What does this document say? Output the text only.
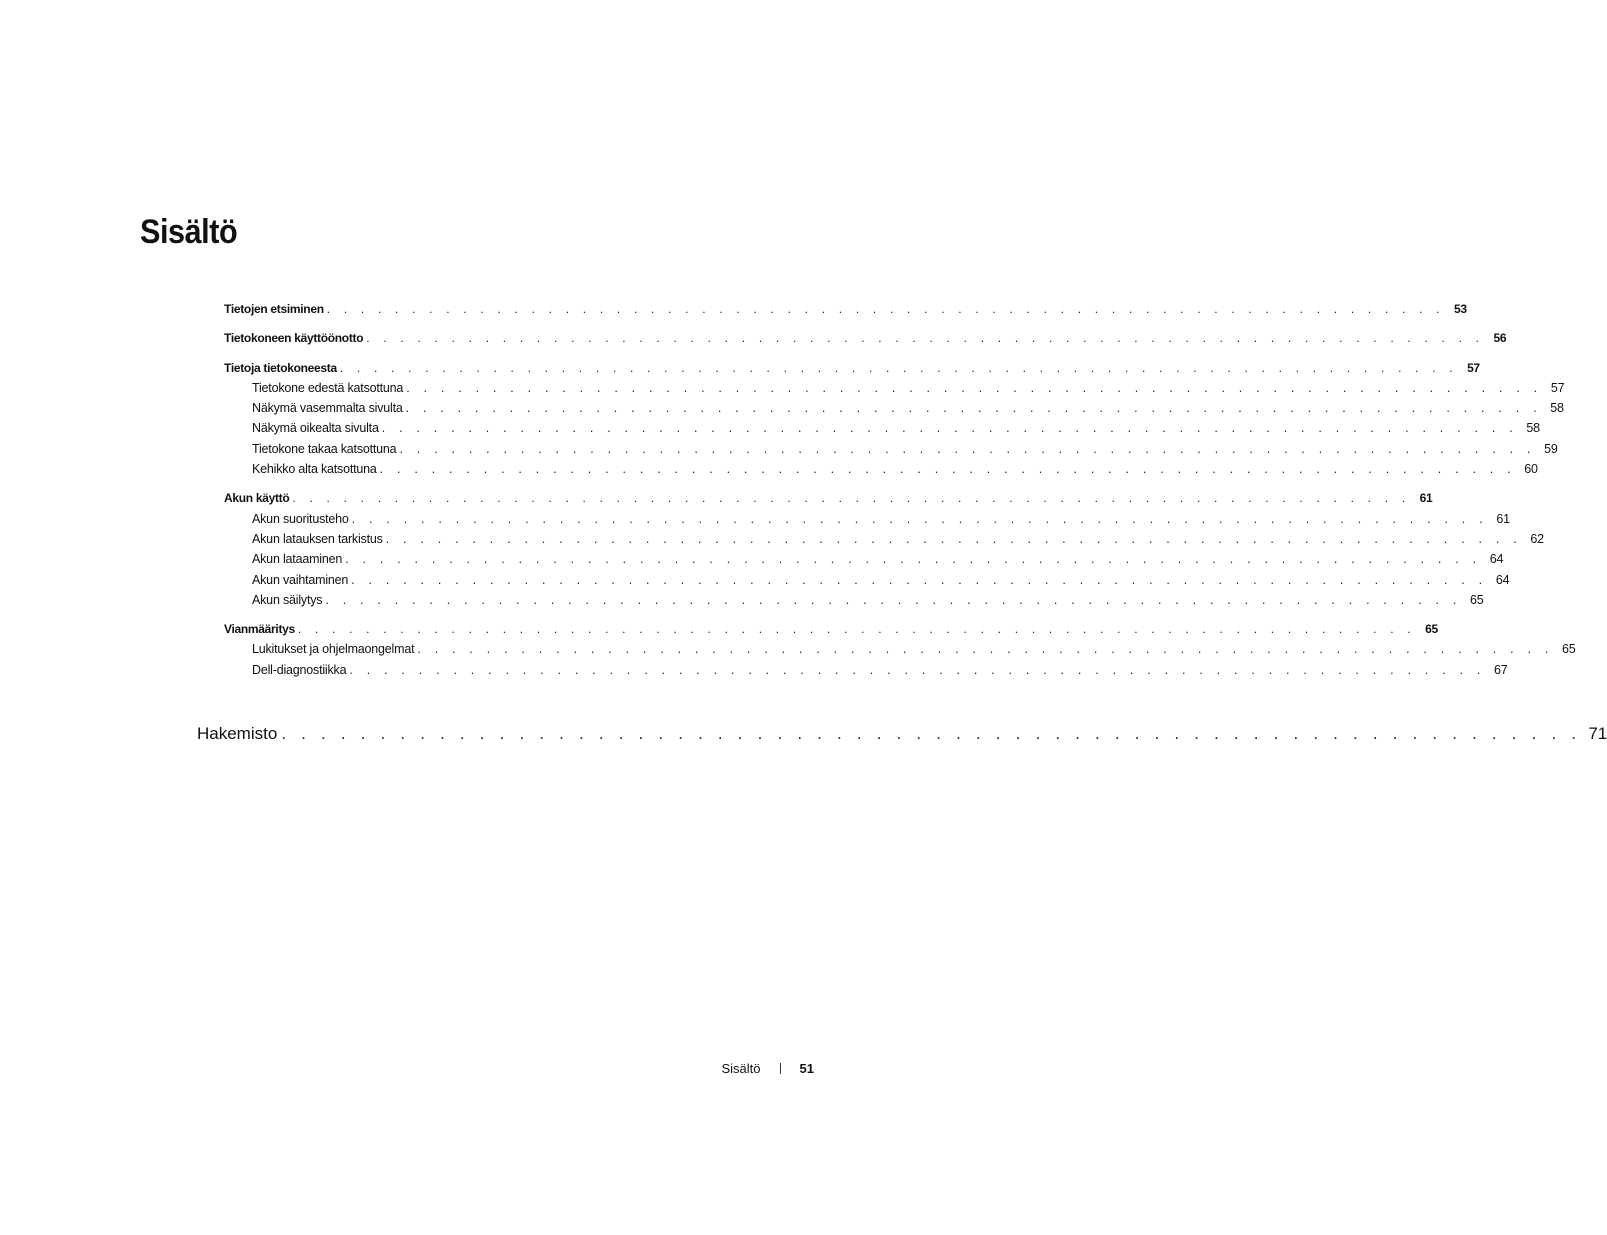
Sisältö
Tietojen etsiminen . . . . . . . . . . . . . . . . . . . . . . . . . . . . . . . . . . . . . . . . . . . . . . . . . . . . . . . . . . . . . . . . . . 53
Tietokoneen käyttöönotto . . . . . . . . . . . . . . . . . . . . . . . . . . . . . . . . . . . . . . . . . . . . . . . . . . . . . . . . . . . . . . . . . . 56
Tietoja tietokoneesta . . . . . . . . . . . . . . . . . . . . . . . . . . . . . . . . . . . . . . . . . . . . . . . . . . . . . . . . . . . . . . . . . . 57
Tietokone edestä katsottuna . . . . . . . . . . . . . . . . . . . . . . . . . . . . . . . . . . . . . . . . . . . . . . . . . . . . . . . . . . . . . . . . . . 57
Näkymä vasemmalta sivulta . . . . . . . . . . . . . . . . . . . . . . . . . . . . . . . . . . . . . . . . . . . . . . . . . . . . . . . . . . . . . . . . . . 58
Näkymä oikealta sivulta . . . . . . . . . . . . . . . . . . . . . . . . . . . . . . . . . . . . . . . . . . . . . . . . . . . . . . . . . . . . . . . . . . 58
Tietokone takaa katsottuna . . . . . . . . . . . . . . . . . . . . . . . . . . . . . . . . . . . . . . . . . . . . . . . . . . . . . . . . . . . . . . . . . . 59
Kehikko alta katsottuna . . . . . . . . . . . . . . . . . . . . . . . . . . . . . . . . . . . . . . . . . . . . . . . . . . . . . . . . . . . . . . . . . . 60
Akun käyttö . . . . . . . . . . . . . . . . . . . . . . . . . . . . . . . . . . . . . . . . . . . . . . . . . . . . . . . . . . . . . . . . . . 61
Akun suoritusteho . . . . . . . . . . . . . . . . . . . . . . . . . . . . . . . . . . . . . . . . . . . . . . . . . . . . . . . . . . . . . . . . . . 61
Akun latauksen tarkistus . . . . . . . . . . . . . . . . . . . . . . . . . . . . . . . . . . . . . . . . . . . . . . . . . . . . . . . . . . . . . . . . . . 62
Akun lataaminen . . . . . . . . . . . . . . . . . . . . . . . . . . . . . . . . . . . . . . . . . . . . . . . . . . . . . . . . . . . . . . . . . . 64
Akun vaihtaminen . . . . . . . . . . . . . . . . . . . . . . . . . . . . . . . . . . . . . . . . . . . . . . . . . . . . . . . . . . . . . . . . . . 64
Akun säilytys . . . . . . . . . . . . . . . . . . . . . . . . . . . . . . . . . . . . . . . . . . . . . . . . . . . . . . . . . . . . . . . . . . 65
Vianmääritys . . . . . . . . . . . . . . . . . . . . . . . . . . . . . . . . . . . . . . . . . . . . . . . . . . . . . . . . . . . . . . . . . . 65
Lukitukset ja ohjelmaongelmat . . . . . . . . . . . . . . . . . . . . . . . . . . . . . . . . . . . . . . . . . . . . . . . . . . . . . . . . . . . . . . . . . . 65
Dell-diagnostiikka . . . . . . . . . . . . . . . . . . . . . . . . . . . . . . . . . . . . . . . . . . . . . . . . . . . . . . . . . . . . . . . . . . 67
Hakemisto . . . . . . . . . . . . . . . . . . . . . . . . . . . . . . . . . . . . . . . . . . . . . . . . . . . . . . . . . . . . . . . . . . 71
Sisältö	51
